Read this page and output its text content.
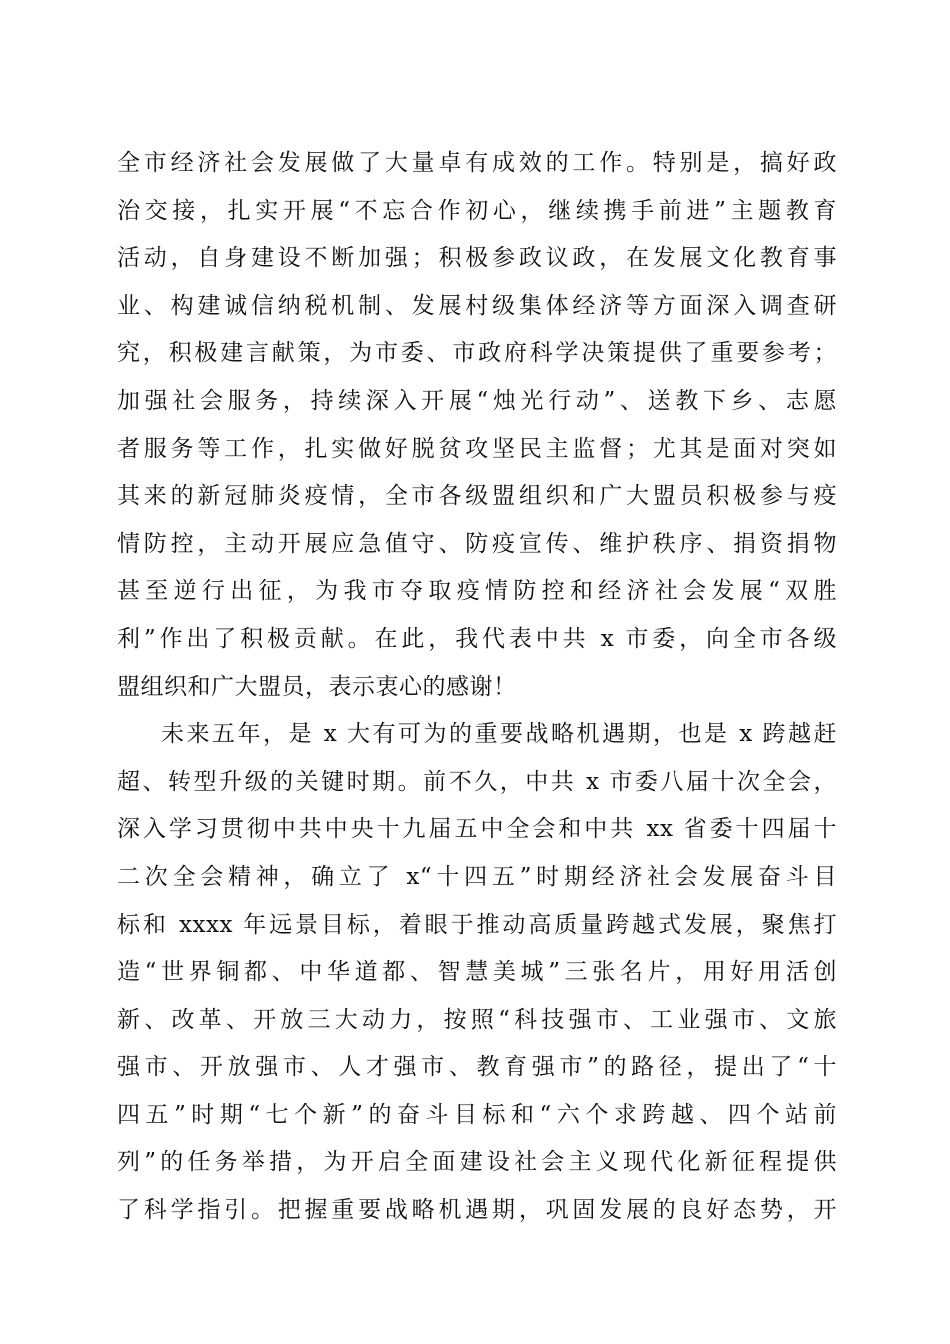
全市经济社会发展做了大量卓有成效的工作。特别是，搞好政
治交接，扎实开展“不忘合作初心，继续携手前进”主题教育
活动，自身建设不断加强；积极参政议政，在发展文化教育事
业、构建诚信纳税机制、发展村级集体经济等方面深入调查研
究，积极建言献策，为市委、市政府科学决策提供了重要参考；
加强社会服务，持续深入开展“烛光行动”、送教下乡、志愿
者服务等工作，扎实做好脱贫攻坚民主监督；尤其是面对突如
其来的新冠肺炎疫情，全市各级盟组织和广大盟员积极参与疫
情防控，主动开展应急值守、防疫宣传、维护秩序、捐资捐物
甚至逆行出征，为我市夺取疫情防控和经济社会发展“双胜
利”作出了积极贡献。在此，我代表中共 x 市委，向全市各级
盟组织和广大盟员，表示衷心的感谢！
未来五年，是 x 大有可为的重要战略机遇期，也是 x 跨越赶
超、转型升级的关键时期。前不久，中共 x 市委八届十次全会，
深入学习贯彻中共中央十九届五中全会和中共 xx 省委十四届十
二次全会精神，确立了 x“十四五”时期经济社会发展奋斗目
标和 xxxx 年远景目标，着眼于推动高质量跨越式发展，聚焦打
造“世界铜都、中华道都、智慧美城”三张名片，用好用活创
新、改革、开放三大动力，按照“科技强市、工业强市、文旅
强市、开放强市、人才强市、教育强市”的路径，提出了“十
四五”时期“七个新”的奋斗目标和“六个求跨越、四个站前
列”的任务举措，为开启全面建设社会主义现代化新征程提供
了科学指引。把握重要战略机遇期，巩固发展的良好态势，开
